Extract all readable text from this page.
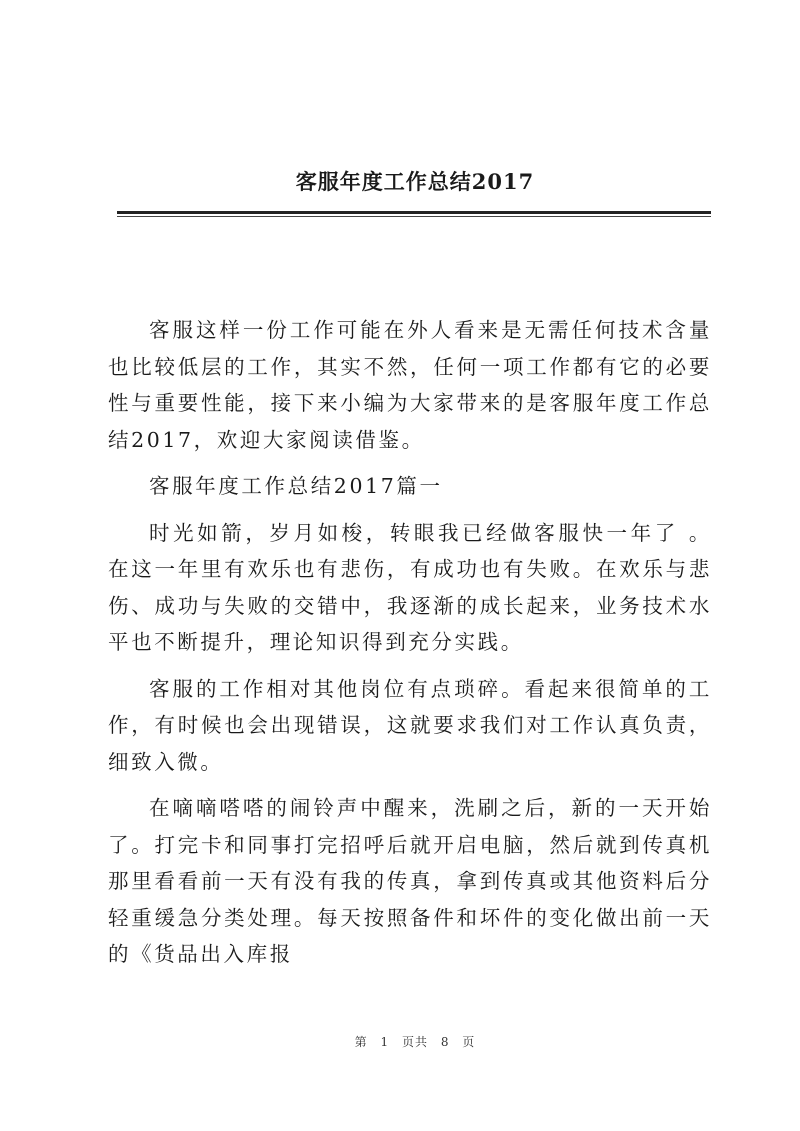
客服年度工作总结2017

客服这样一份工作可能在外人看来是无需任何技术含量也比较低层的工作，其实不然，任何一项工作都有它的必要性与重要性能，接下来小编为大家带来的是客服年度工作总结2017，欢迎大家阅读借鉴。

客服年度工作总结2017篇一

时光如箭，岁月如梭，转眼我已经做客服快一年了 。在这一年里有欢乐也有悲伤，有成功也有失败。在欢乐与悲伤、成功与失败的交错中，我逐渐的成长起来，业务技术水平也不断提升，理论知识得到充分实践。

客服的工作相对其他岗位有点琐碎。看起来很简单的工作，有时候也会出现错误，这就要求我们对工作认真负责，细致入微。

在嘀嘀嗒嗒的闹铃声中醒来，洗刷之后，新的一天开始了。打完卡和同事打完招呼后就开启电脑，然后就到传真机那里看看前一天有没有我的传真，拿到传真或其他资料后分轻重缓急分类处理。每天按照备件和坏件的变化做出前一天的《货品出入库报

第 1 页共 8 页
